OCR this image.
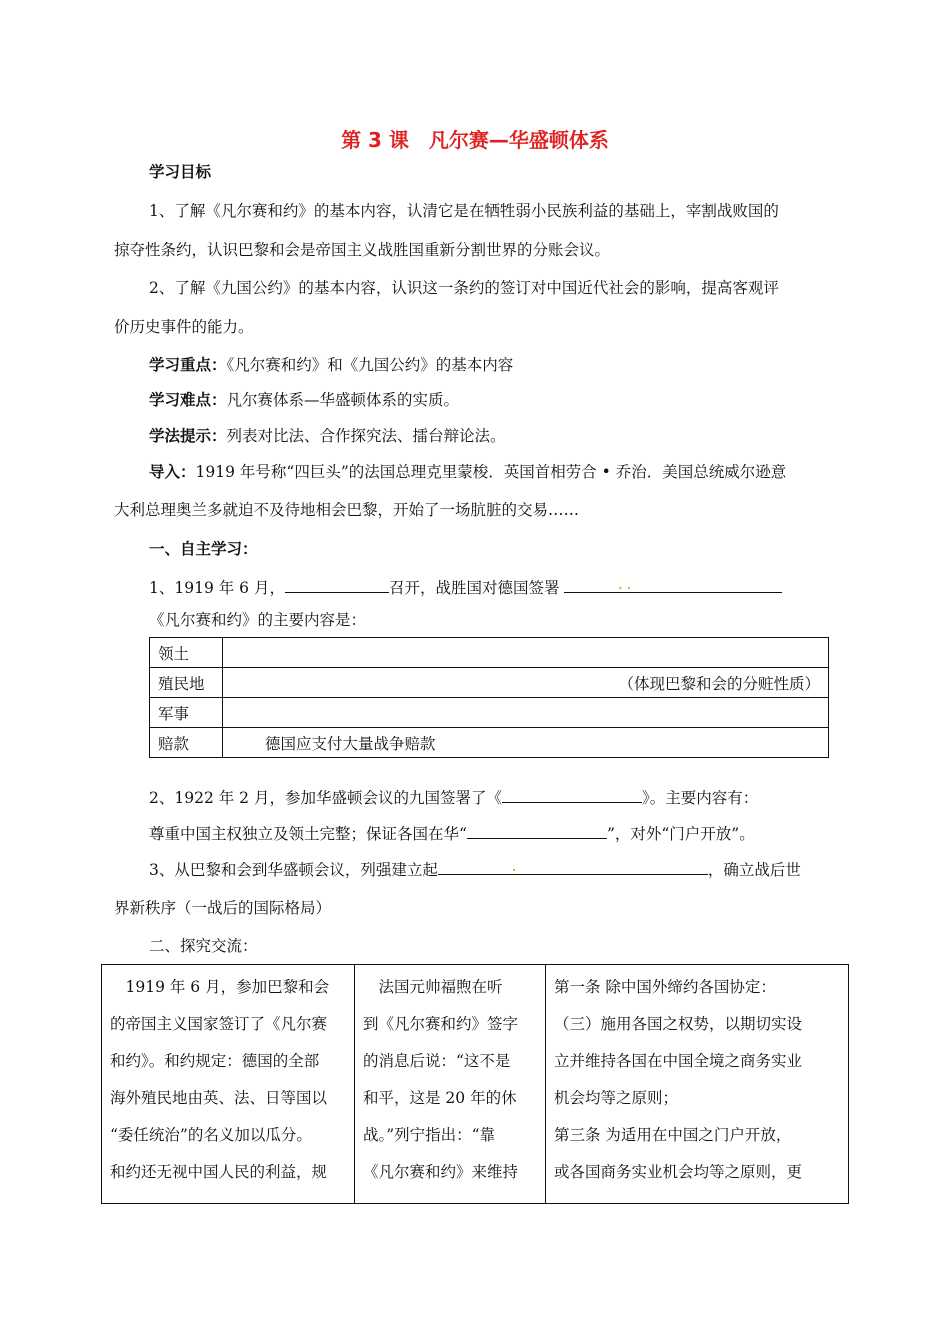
第 3 课　凡尔赛—华盛顿体系
学习目标
1、了解《凡尔赛和约》的基本内容，认清它是在牺牲弱小民族利益的基础上，宰割战败国的
掠夺性条约，认识巴黎和会是帝国主义战胜国重新分割世界的分账会议。
2、了解《九国公约》的基本内容，认识这一条约的签订对中国近代社会的影响，提高客观评
价历史事件的能力。
学习重点：《凡尔赛和约》和《九国公约》的基本内容
学习难点：凡尔赛体系—华盛顿体系的实质。
学法提示：列表对比法、合作探究法、擂台辩论法。
导入：1919 年号称“四巨头”的法国总理克里蒙梭．英国首相劳合 • 乔治．美国总统威尔逊意
大利总理奥兰多就迫不及待地相会巴黎，开始了一场肮脏的交易……
一、自主学习：
1、1919 年 6 月，	召开，战胜国对德国签署	. .
《凡尔赛和约》的主要内容是：
领土	
殖民地	（体现巴黎和会的分赃性质）
军事	
赔款	德国应支付大量战争赔款
2、1922 年 2 月，参加华盛顿会议的九国签署了《	》。主要内容有：
尊重中国主权独立及领土完整；保证各国在华“	”，对外“门户开放”。
3、从巴黎和会到华盛顿会议，列强建立起	.	，确立战后世
界新秩序（一战后的国际格局）
二、探究交流：
　1919 年 6 月，参加巴黎和会
的帝国主义国家签订了《凡尔赛
和约》。和约规定：德国的全部
海外殖民地由英、法、日等国以
“委任统治”的名义加以瓜分。
和约还无视中国人民的利益，规

　法国元帅福煦在听
到《凡尔赛和约》签字
的消息后说：“这不是
和平，这是 20 年的休
战。”列宁指出：“靠
《凡尔赛和约》来维持

第一条 除中国外缔约各国协定：
（三）施用各国之权势，以期切实设
立并维持各国在中国全境之商务实业
机会均等之原则；
第三条 为适用在中国之门户开放，
或各国商务实业机会均等之原则，更
